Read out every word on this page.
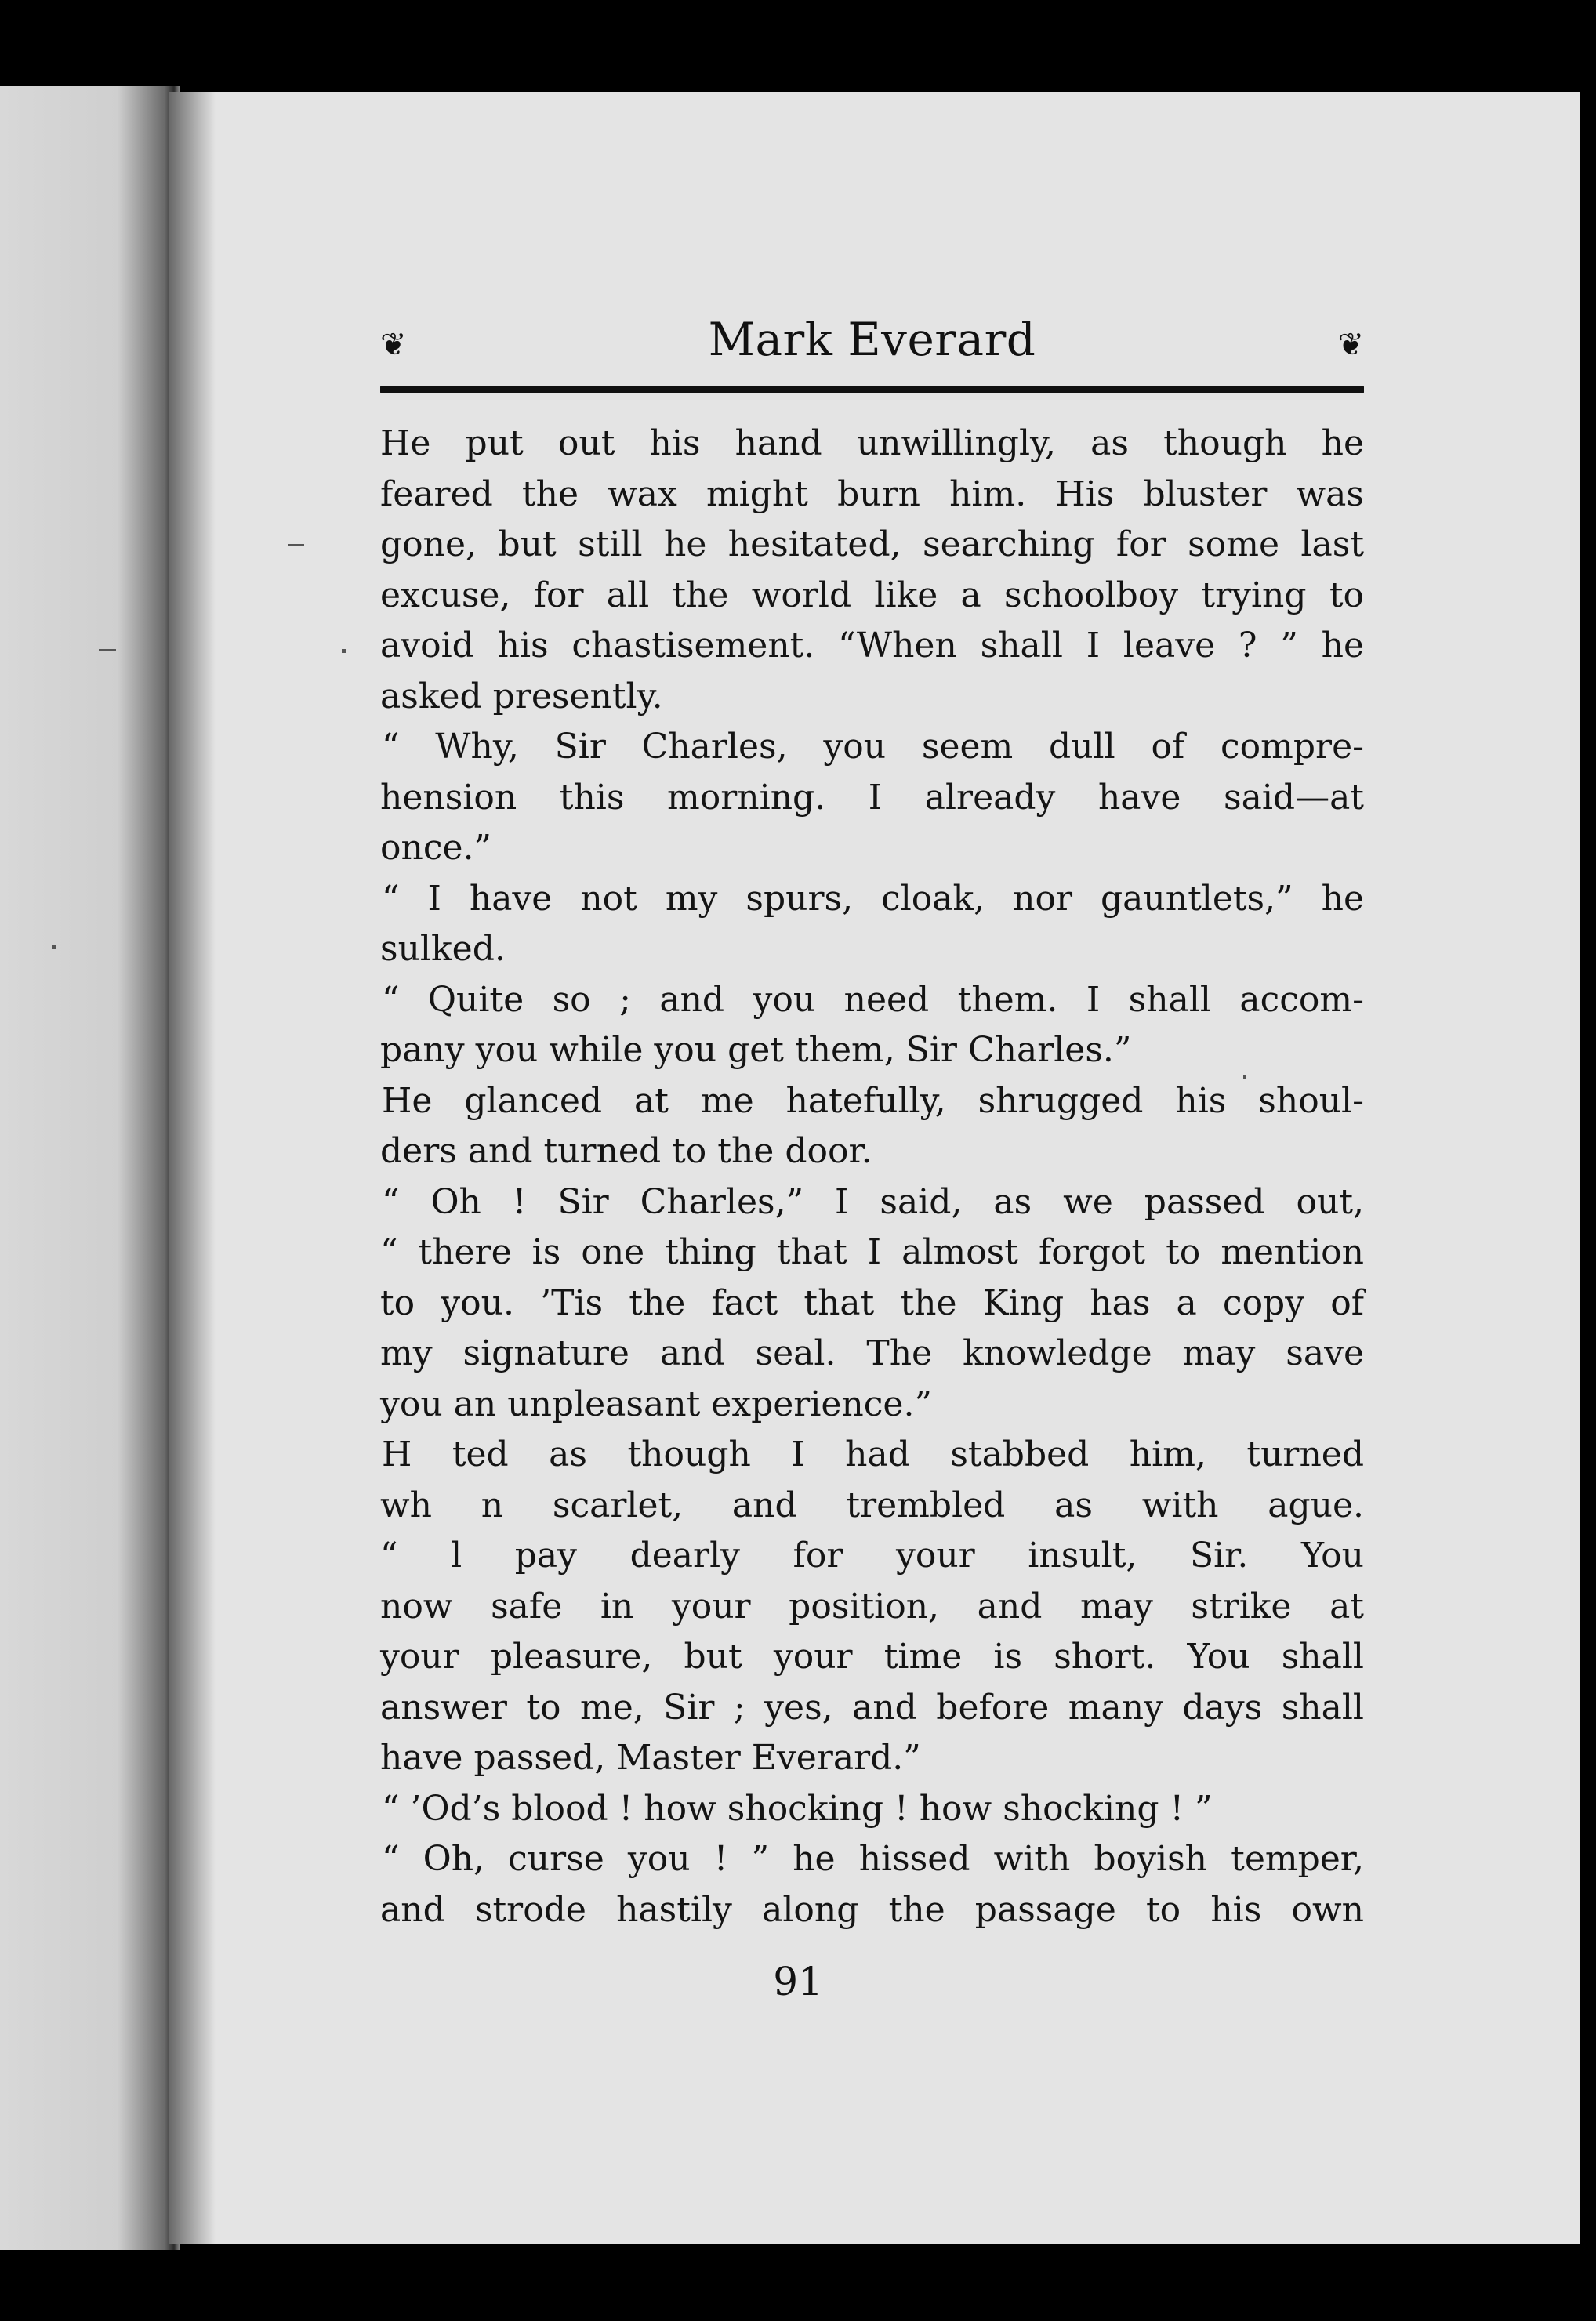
❦	Mark Everard	❦
He put out his hand unwillingly, as though he
feared the wax might burn him. His bluster was
gone, but still he hesitated, searching for some last
excuse, for all the world like a schoolboy trying to
avoid his chastisement. “When shall I leave ? ” he
asked presently.
“ Why, Sir Charles, you seem dull of compre-
hension this morning. I already have said—at
once.”
“ I have not my spurs, cloak, nor gauntlets,” he
sulked.
“ Quite so ; and you need them. I shall accom-
pany you while you get them, Sir Charles.”
He glanced at me hatefully, shrugged his shoul-
ders and turned to the door.
“ Oh ! Sir Charles,” I said, as we passed out,
“ there is one thing that I almost forgot to mention
to you. ’Tis the fact that the King has a copy of
my signature and seal. The knowledge may save
you an unpleasant experience.”
H ted as though I had stabbed him, turned
wh n scarlet, and trembled as with ague.
“ l pay dearly for your insult, Sir. You
now safe in your position, and may strike at
your pleasure, but your time is short. You shall
answer to me, Sir ; yes, and before many days shall
have passed, Master Everard.”
“ ’Od’s blood ! how shocking ! how shocking ! ”
“ Oh, curse you ! ” he hissed with boyish temper,
and strode hastily along the passage to his own
91
